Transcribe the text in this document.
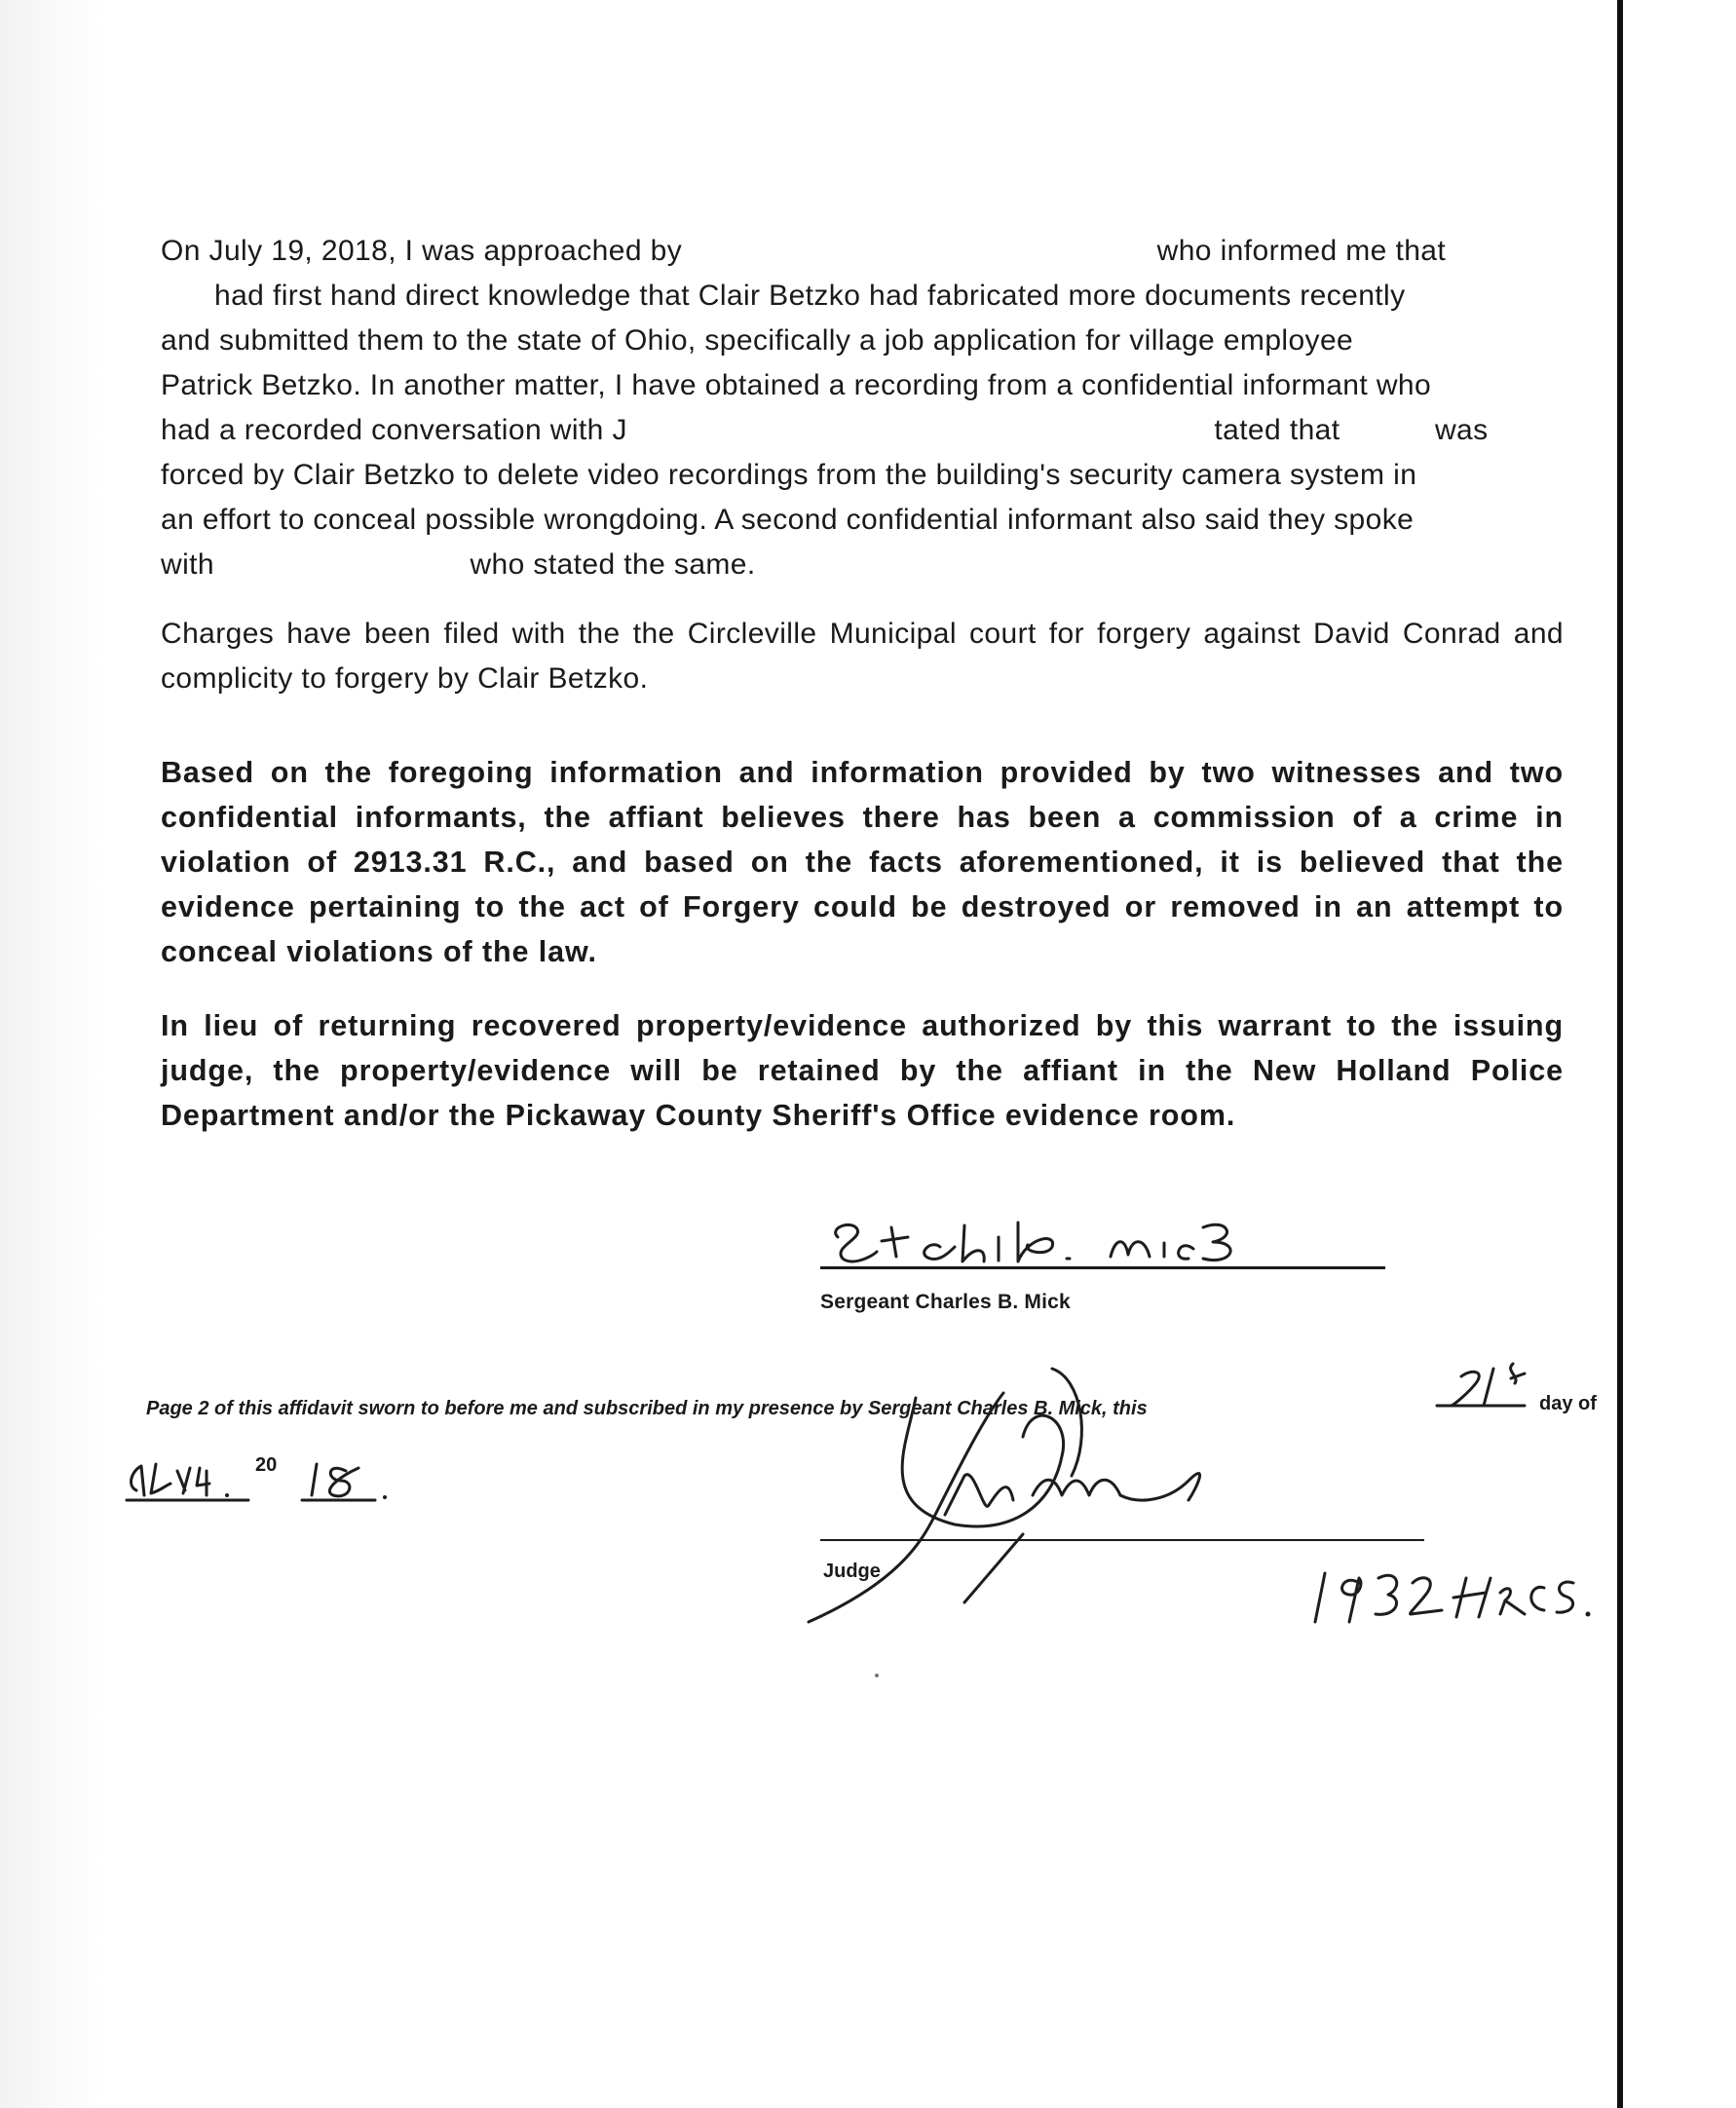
On July 19, 2018, I was approached by	who informed me that
had first hand direct knowledge that Clair Betzko had fabricated more documents recently
and submitted them to the state of Ohio, specifically a job application for village employee
Patrick Betzko. In another matter, I have obtained a recording from a confidential informant who
had a recorded conversation with J	tated that	was
forced by Clair Betzko to delete video recordings from the building's security camera system in
an effort to conceal possible wrongdoing. A second confidential informant also said they spoke
with	who stated the same.

Charges have been filed with the the Circleville Municipal court for forgery against David Conrad and complicity to forgery by Clair Betzko.

Based on the foregoing information and information provided by two witnesses and two confidential informants, the affiant believes there has been a commission of a crime in violation of 2913.31 R.C., and based on the facts aforementioned, it is believed that the evidence pertaining to the act of Forgery could be destroyed or removed in an attempt to conceal violations of the law.

In lieu of returning recovered property/evidence authorized by this warrant to the issuing judge, the property/evidence will be retained by the affiant in the New Holland Police Department and/or the Pickaway County Sheriff's Office evidence room.

Sergeant Charles B. Mick
Page 2 of this affidavit sworn to before me and subscribed in my presence by Sergeant Charles B. Mick, this	day of
20
Judge
